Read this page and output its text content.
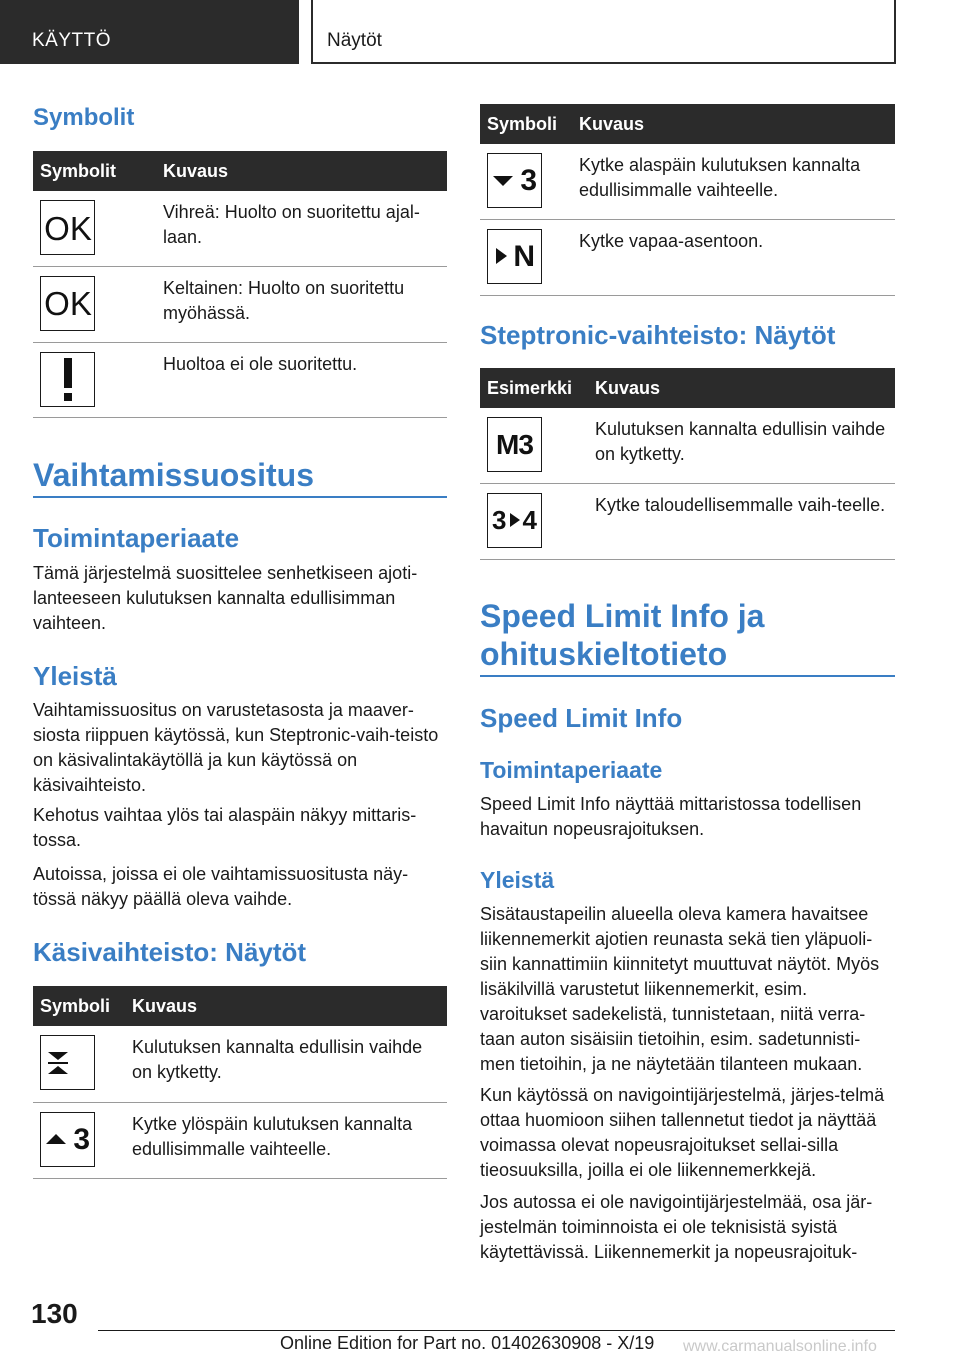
KÄYTTÖ	Näytöt
Symbolit
Symbolit	Kuvaus

OK	Vihreä: Huolto on suoritettu ajal-laan.

OK	Keltainen: Huolto on suoritettu myöhässä.

	Huoltoa ei ole suoritettu.
Vaihtamissuositus
Toimintaperiaate
Tämä järjestelmä suosittelee senhetkiseen ajoti-lanteeseen kulutuksen kannalta edullisimman vaihteen.
Yleistä
Vaihtamissuositus on varustetasosta ja maaver-siosta riippuen käytössä, kun Steptronic-vaih-teisto on käsivalintakäytöllä ja kun käytössä on käsivaihteisto.
Kehotus vaihtaa ylös tai alaspäin näkyy mittaris-tossa.
Autoissa, joissa ei ole vaihtamissuositusta näy-tössä näkyy päällä oleva vaihde.
Käsivaihteisto: Näytöt
Symboli	Kuvaus

	Kulutuksen kannalta edullisin vaihde on kytketty.

3	Kytke ylöspäin kulutuksen kannalta edullisimmalle vaihteelle.
Symboli	Kuvaus

3	Kytke alaspäin kulutuksen kannalta edullisimmalle vaihteelle.

N	Kytke vapaa-asentoon.
Steptronic-vaihteisto: Näytöt
Esimerkki	Kuvaus

M3	Kulutuksen kannalta edullisin vaihde on kytketty.

3 4	Kytke taloudellisemmalle vaih-teelle.
Speed Limit Info ja ohituskieltotieto
Speed Limit Info
Toimintaperiaate
Speed Limit Info näyttää mittaristossa todellisen havaitun nopeusrajoituksen.
Yleistä
Sisätaustapeilin alueella oleva kamera havaitsee liikennemerkit ajotien reunasta sekä tien yläpuoli-siin kannattimiin kiinnitetyt muuttuvat näytöt. Myös lisäkilvillä varustetut liikennemerkit, esim. varoitukset sadekelistä, tunnistetaan, niitä verra-taan auton sisäisiin tietoihin, esim. sadetunnisti-men tietoihin, ja ne näytetään tilanteen mukaan.
Kun käytössä on navigointijärjestelmä, järjes-telmä ottaa huomioon siihen tallennetut tiedot ja näyttää voimassa olevat nopeusrajoitukset sellai-silla tieosuuksilla, joilla ei ole liikennemerkkejä.
Jos autossa ei ole navigointijärjestelmää, osa jär-jestelmän toiminnoista ei ole teknisistä syistä käytettävissä. Liikennemerkit ja nopeusrajoituk-
130
Online Edition for Part no. 01402630908 - X/19 www.carmanualsonline.info
